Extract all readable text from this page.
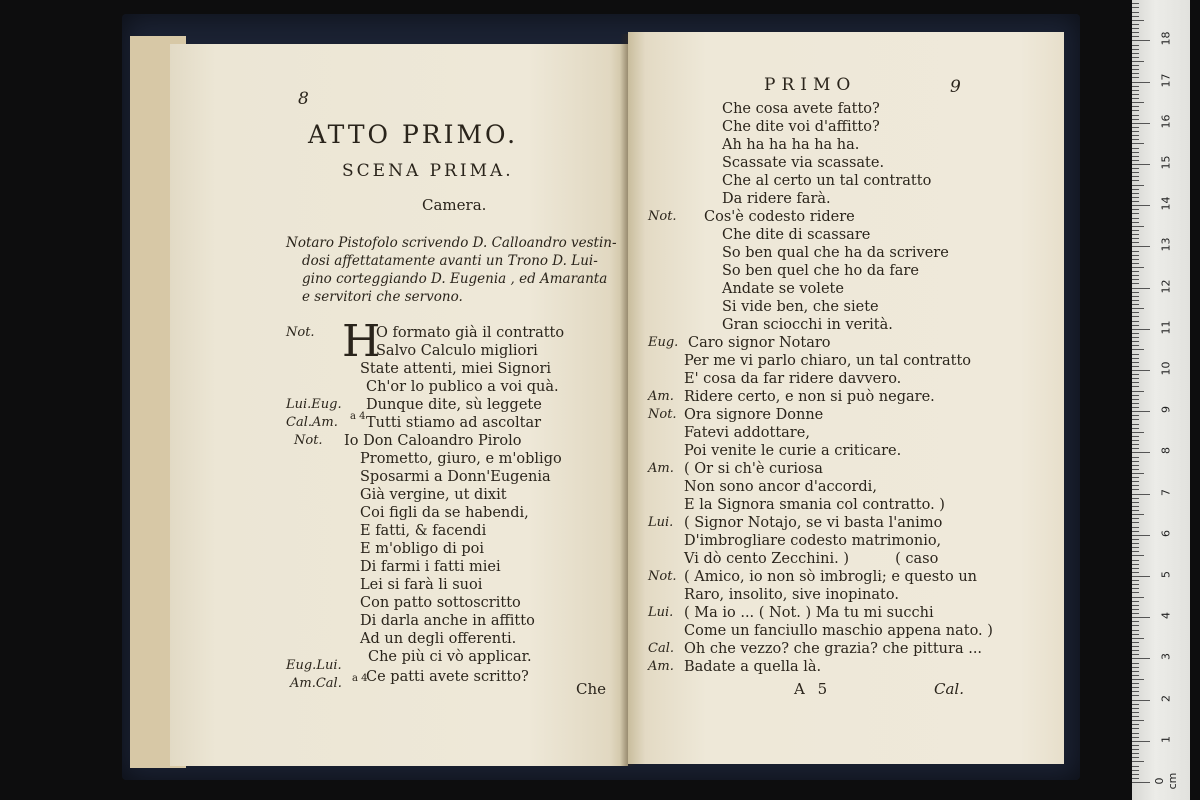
8
ATTO PRIMO.
SCENA PRIMA.
Camera.
Notaro Pistofolo scrivendo D. Calloandro vestin-
dosi affettatamente avanti un Trono D. Lui-
gino corteggiando D. Eugenia , ed Amaranta
e servitori che servono.
H
Not.
Lui.Eug.
Cal.Am.
Not.
Eug.Lui.
Am.Cal.
a 4
a 4
O formato già il contratto
Salvo Calculo migliori
State attenti, miei Signori
Ch'or lo publico a voi quà.
Dunque dite, sù leggete
Tutti stiamo ad ascoltar
Io Don Caloandro Pirolo
Prometto, giuro, e m'obligo
Sposarmi a Donn'Eugenia
Già vergine, ut dixit
Coi figli da se habendi,
E fatti, & facendi
E m'obligo di poi
Di farmi i fatti miei
Lei si farà li suoi
Con patto sottoscritto
Di darla anche in affitto
Ad un degli offerenti.
Che più ci vò applicar.
Ce patti avete scritto?
Che
PRIMO	9
Not.
Eug.
Am.
Not.
Am.
Lui.
Not.
Lui.
Cal.
Am.
Che cosa avete fatto?
Che dite voi d'affitto?
Ah ha ha ha ha ha.
Scassate via scassate.
Che al certo un tal contratto
Da ridere farà.
Cos'è codesto ridere
Che dite di scassare
So ben qual che ha da scrivere
So ben quel che ho da fare
Andate se volete
Si vide ben, che siete
Gran sciocchi in verità.
Caro signor Notaro
Per me vi parlo chiaro, un tal contratto
E' cosa da far ridere davvero.
Ridere certo, e non si può negare.
Ora signore Donne
Fatevi addottare,
Poi venite le curie a criticare.
( Or si ch'è curiosa
Non sono ancor d'accordi,
E la Signora smania col contratto. )
( Signor Notajo, se vi basta l'animo
D'imbrogliare codesto matrimonio,
Vi dò cento Zecchini. )          ( caso
( Amico, io non sò imbrogli; e questo un
Raro, insolito, sive inopinato.
( Ma io ... ( Not. ) Ma tu mi succhi
Come un fanciullo maschio appena nato. )
Oh che vezzo? che grazia? che pittura ...
Badate a quella là.
A 5	Cal.
0 cm
1
2
3
4
5
6
7
8
9
10
11
12
13
14
15
16
17
18
